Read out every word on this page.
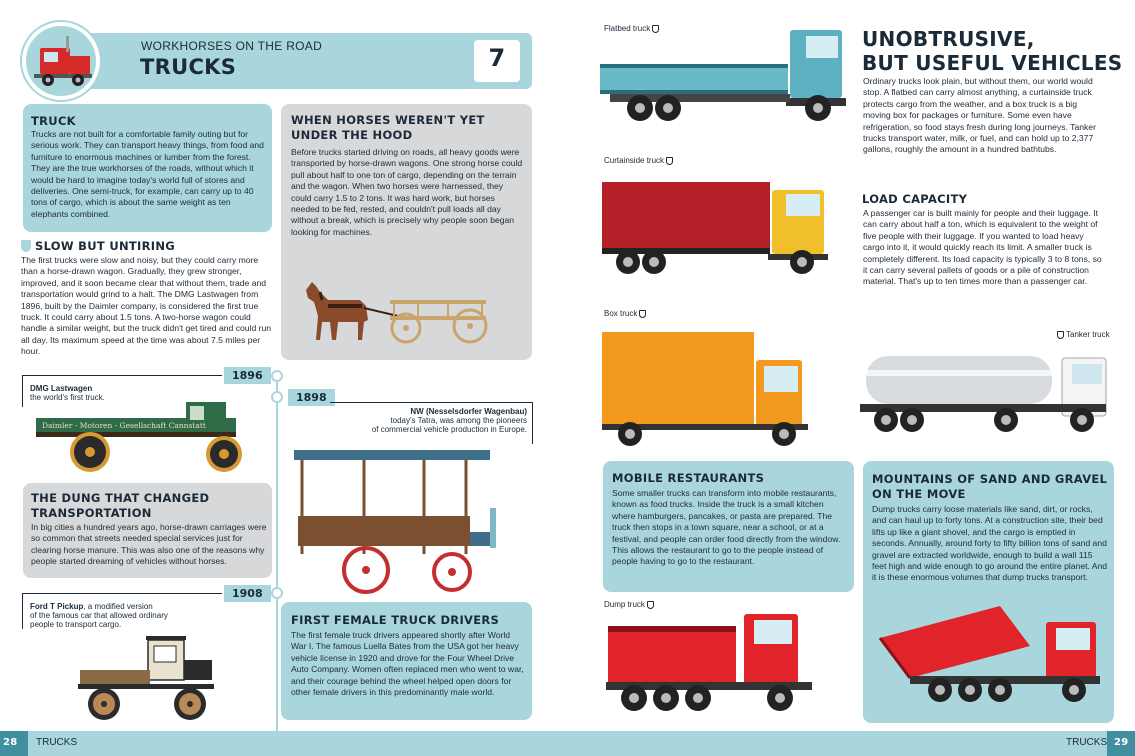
WORKHORSES ON THE ROAD
TRUCKS	7
TRUCK
Trucks are not built for a comfortable family outing but for serious work. They can transport heavy things, from food and furniture to enormous machines or lumber from the forest. They are the true workhorses of the roads, without which it would be hard to imagine today's world full of stores and deliveries. One semi-truck, for example, can carry up to 40 tons of cargo, which is about the same weight as ten elephants combined.
WHEN HORSES WEREN'T YET UNDER THE HOOD
Before trucks started driving on roads, all heavy goods were transported by horse-drawn wagons. One strong horse could pull about half to one ton of cargo, depending on the terrain and the wagon. When two horses were harnessed, they could carry 1.5 to 2 tons. It was hard work, but horses needed to be fed, rested, and couldn't pull loads all day without a break, which is precisely why people soon began looking for machines.
SLOW BUT UNTIRING
The first trucks were slow and noisy, but they could carry more than a horse-drawn wagon. Gradually, they grew stronger, improved, and it soon became clear that without them, trade and transportation would grind to a halt. The DMG Lastwagen from 1896, built by the Daimler company, is considered the first true truck. It could carry about 1.5 tons. A two-horse wagon could handle a similar weight, but the truck didn't get tired and could run all day. Its maximum speed at the time was about 7.5 miles per hour.
1896
1898
1908
DMG Lastwagen
the world's first truck.
Daimler - Motoren - Gesellschaft Cannstatt
NW (Nesselsdorfer Wagenbau)
today's Tatra, was among the pioneers
of commercial vehicle production in Europe.
THE DUNG THAT CHANGED TRANSPORTATION
In big cities a hundred years ago, horse-drawn carriages were so common that streets needed special services just for clearing horse manure. This was also one of the reasons why people started dreaming of vehicles without horses.
Ford T Pickup, a modified version
of the famous car that allowed ordinary
people to transport cargo.	FIRST FEMALE TRUCK DRIVERS
The first female truck drivers appeared shortly after World War I. The famous Luella Bates from the USA got her heavy vehicle license in 1920 and drove for the Four Wheel Drive Auto Company. Women often replaced men who went to war, and their courage behind the wheel helped open doors for other female drivers in this predominantly male world.
28 TRUCKS
Flatbed truck	UNOBTRUSIVE,
BUT USEFUL VEHICLES
Ordinary trucks look plain, but without them, our world would stop. A flatbed can carry almost anything, a curtainside truck protects cargo from the weather, and a box truck is a big moving box for packages or furniture. Some even have refrigeration, so food stays fresh during long journeys. Tanker trucks transport water, milk, or fuel, and can hold up to 2,377 gallons, roughly the amount in a hundred bathtubs.
Curtainside truck
LOAD CAPACITY
A passenger car is built mainly for people and their luggage. It can carry about half a ton, which is equivalent to the weight of five people with their luggage. If you wanted to load heavy cargo into it, it would quickly reach its limit. A smaller truck is completely different. Its load capacity is typically 3 to 8 tons, so it can carry several pallets of goods or a pile of construction material. That's up to ten times more than a passenger car.
Box truck
Tanker truck
MOBILE RESTAURANTS
Some smaller trucks can transform into mobile restaurants, known as food trucks. Inside the truck is a small kitchen where hamburgers, pancakes, or pasta are prepared. The truck then stops in a town square, near a school, or at a festival, and people can order food directly from the window. This allows the restaurant to go to the people instead of people having to go to the restaurant.
MOUNTAINS OF SAND AND GRAVEL ON THE MOVE
Dump trucks carry loose materials like sand, dirt, or rocks, and can haul up to forty tons. At a construction site, their bed lifts up like a giant shovel, and the cargo is emptied in seconds. Annually, around forty to fifty billion tons of sand and gravel are extracted worldwide, enough to build a wall 115 feet high and wide enough to go around the entire planet. And it is these enormous volumes that dump trucks transport.
Dump truck
TRUCKS 29
